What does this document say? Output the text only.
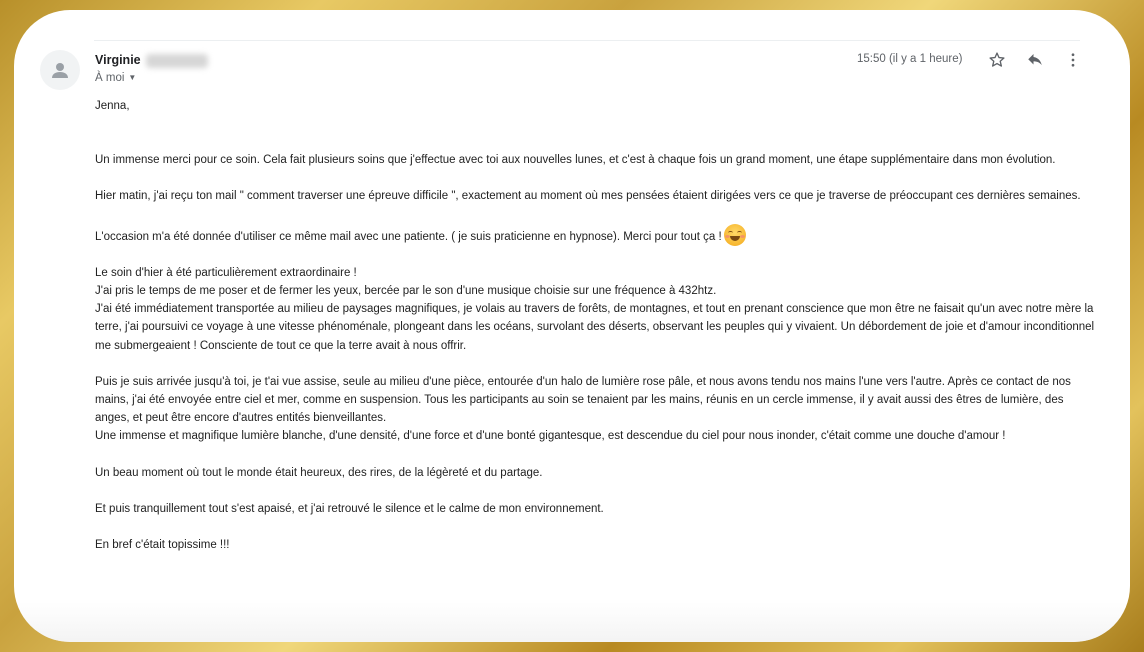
Virginie
À moi ▼
15:50 (il y a 1 heure)

Jenna,

Un immense merci pour ce soin. Cela fait plusieurs soins que j'effectue avec toi aux nouvelles lunes, et c'est à chaque fois un grand moment, une étape supplémentaire dans mon évolution.

Hier matin, j'ai reçu ton mail " comment traverser une épreuve difficile ", exactement au moment où mes pensées étaient dirigées vers ce que je traverse de préoccupant ces dernières semaines.

L'occasion m'a été donnée d'utiliser ce même mail avec une patiente. ( je suis praticienne en hypnose). Merci pour tout ça !

Le soin d'hier à été particulièrement extraordinaire !
J'ai pris le temps de me poser et de fermer les yeux, bercée par le son d'une musique choisie sur une fréquence à 432htz.
J'ai été immédiatement transportée au milieu de paysages magnifiques, je volais au travers de forêts, de montagnes, et tout en prenant conscience que mon être ne faisait qu'un avec notre mère la terre, j'ai poursuivi ce voyage à une vitesse phénoménale, plongeant dans les océans, survolant des déserts, observant les peuples qui y vivaient. Un débordement de joie et d'amour inconditionnel me submergeaient ! Consciente de tout ce que la terre avait à nous offrir.

Puis je suis arrivée jusqu'à toi, je t'ai vue assise, seule au milieu d'une pièce, entourée d'un halo de lumière rose pâle, et nous avons tendu nos mains l'une vers l'autre. Après ce contact de nos mains, j'ai été envoyée entre ciel et mer, comme en suspension. Tous les participants au soin se tenaient par les mains, réunis en un cercle immense, il y avait aussi des êtres de lumière, des anges, et peut être encore d'autres entités bienveillantes.
Une immense et magnifique lumière blanche, d'une densité, d'une force et d'une bonté gigantesque, est descendue du ciel pour nous inonder, c'était comme une douche d'amour !

Un beau moment où tout le monde était heureux, des rires, de la légèreté et du partage.

Et puis tranquillement tout s'est apaisé, et j'ai retrouvé le silence et le calme de mon environnement.

En bref c'était topissime !!!
